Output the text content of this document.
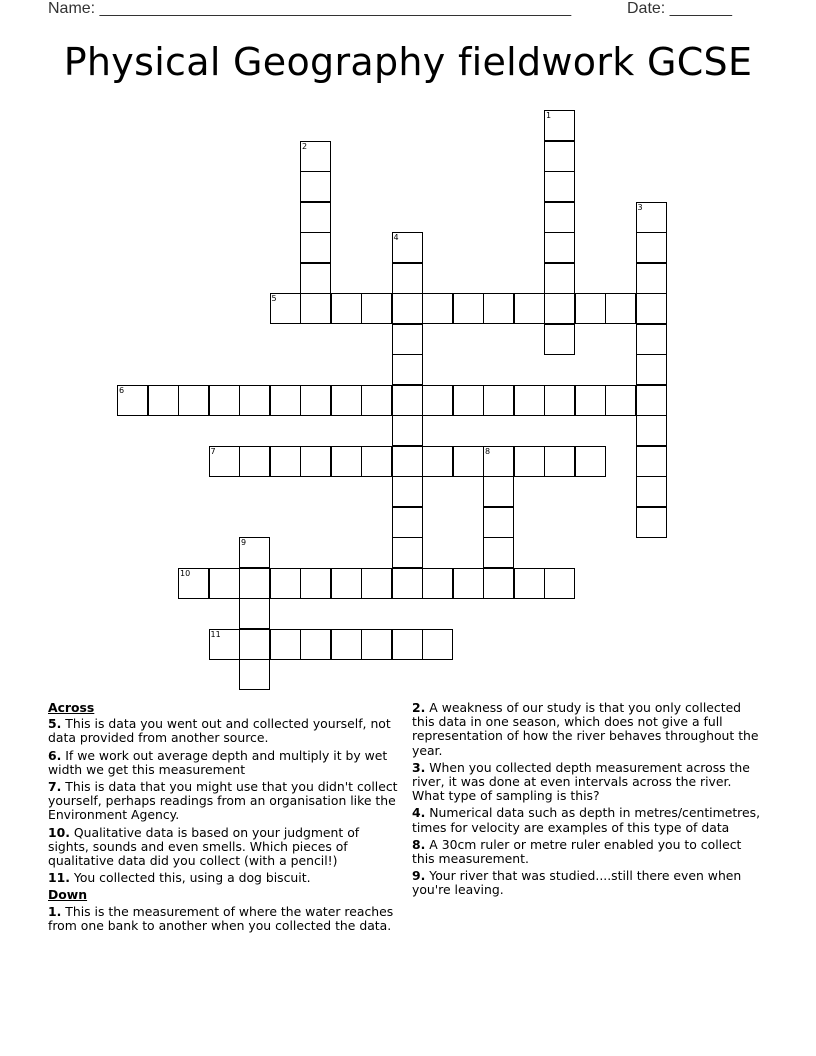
Name: _____________________________________________________	Date: _______
Physical Geography fieldwork GCSE
1
2
3
4
5
6
7	8
9
10
11
Across
5. This is data you went out and collected yourself, not data provided from another source.
6. If we work out average depth and multiply it by wet width we get this measurement
7. This is data that you might use that you didn't collect yourself, perhaps readings from an organisation like the Environment Agency.
10. Qualitative data is based on your judgment of sights, sounds and even smells. Which pieces of qualitative data did you collect (with a pencil!)
11. You collected this, using a dog biscuit.
Down
1. This is the measurement of where the water reaches from one bank to another when you collected the data.
2. A weakness of our study is that you only collected this data in one season, which does not give a full representation of how the river behaves throughout the year.
3. When you collected depth measurement across the river, it was done at even intervals across the river. What type of sampling is this?
4. Numerical data such as depth in metres/centimetres, times for velocity are examples of this type of data
8. A 30cm ruler or metre ruler enabled you to collect this measurement.
9. Your river that was studied....still there even when you're leaving.
